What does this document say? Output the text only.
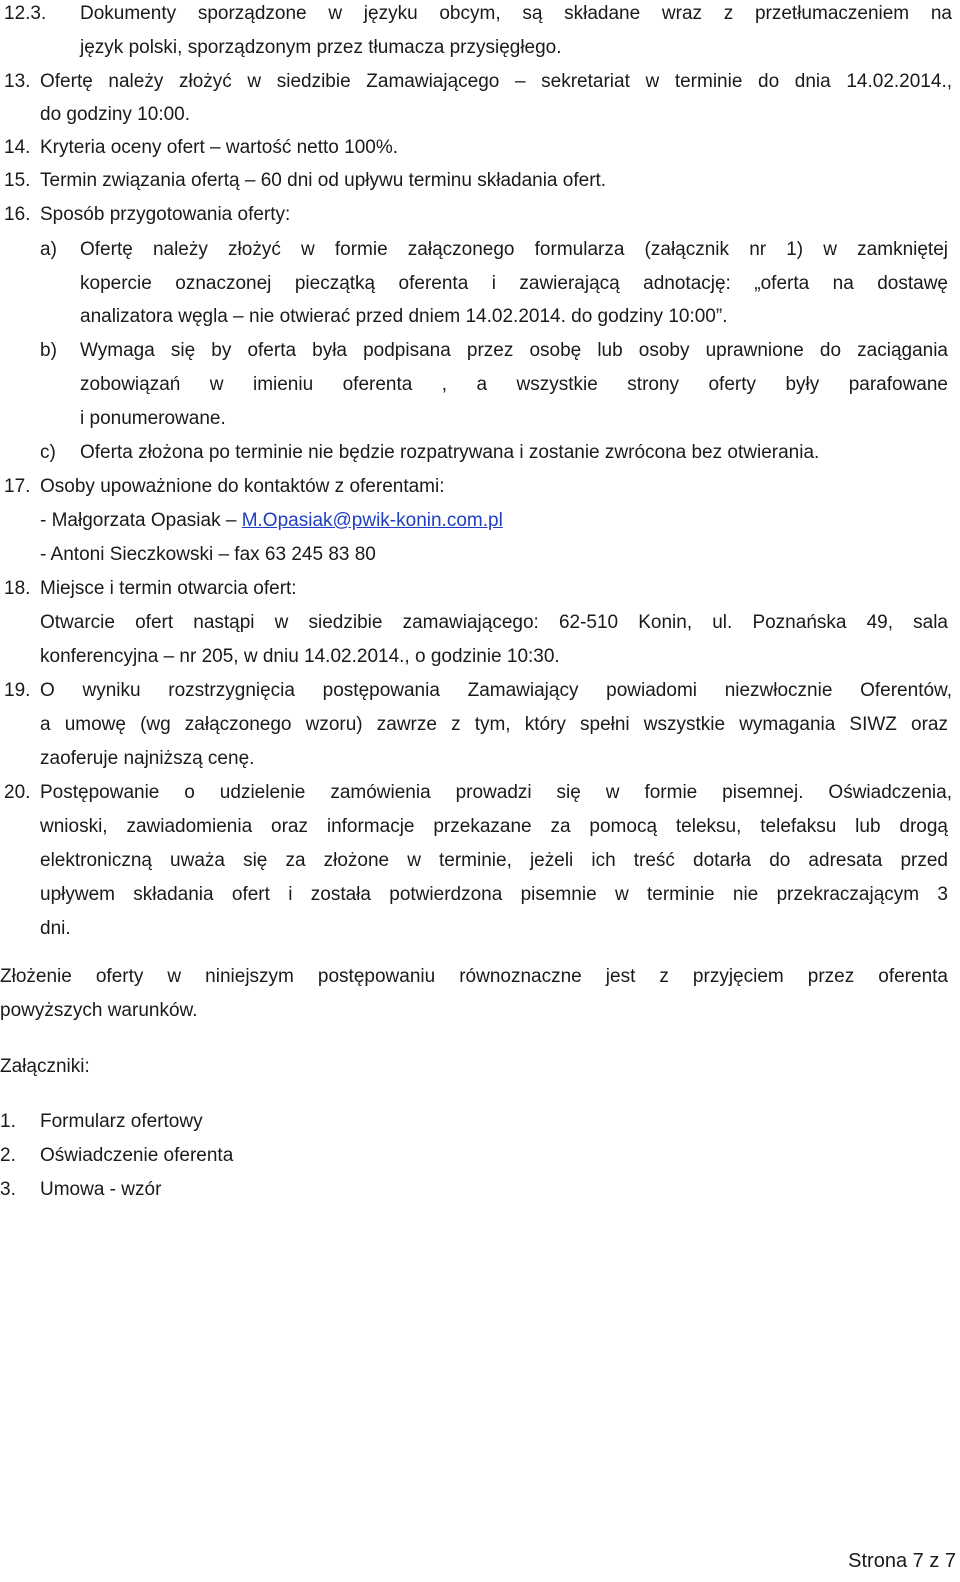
12.3. Dokumenty sporządzone w języku obcym, są składane wraz z przetłumaczeniem na
język polski, sporządzonym przez tłumacza przysięgłego.
13. Ofertę należy złożyć w siedzibie Zamawiającego – sekretariat w terminie do dnia 14.02.2014.,
do godziny 10:00.
14. Kryteria oceny ofert – wartość netto 100%.
15. Termin związania ofertą – 60 dni od upływu terminu składania ofert.
16. Sposób przygotowania oferty:
a) Ofertę należy złożyć w formie załączonego formularza (załącznik nr 1) w zamkniętej
kopercie oznaczonej pieczątką oferenta i zawierającą adnotację: „oferta na dostawę
analizatora węgla – nie otwierać przed dniem 14.02.2014. do godziny 10:00”.
b) Wymaga się by oferta była podpisana przez osobę lub osoby uprawnione do zaciągania
zobowiązań w imieniu oferenta , a wszystkie strony oferty były parafowane
i ponumerowane.
c) Oferta złożona po terminie nie będzie rozpatrywana i zostanie zwrócona bez otwierania.
17. Osoby upoważnione do kontaktów z oferentami:
- Małgorzata Opasiak – M.Opasiak@pwik-konin.com.pl
- Antoni Sieczkowski – fax 63 245 83 80
18. Miejsce i termin otwarcia ofert:
Otwarcie ofert nastąpi w siedzibie zamawiającego: 62-510 Konin, ul. Poznańska 49, sala
konferencyjna – nr 205, w dniu 14.02.2014., o godzinie 10:30.
19. O wyniku rozstrzygnięcia postępowania Zamawiający powiadomi niezwłocznie Oferentów,
a umowę (wg załączonego wzoru) zawrze z tym, który spełni wszystkie wymagania SIWZ oraz
zaoferuje najniższą cenę.
20. Postępowanie o udzielenie zamówienia prowadzi się w formie pisemnej. Oświadczenia,
wnioski, zawiadomienia oraz informacje przekazane za pomocą teleksu, telefaksu lub drogą
elektroniczną uważa się za złożone w terminie, jeżeli ich treść dotarła do adresata przed
upływem składania ofert i została potwierdzona pisemnie w terminie nie przekraczającym 3
dni.
Złożenie oferty w niniejszym postępowaniu równoznaczne jest z przyjęciem przez oferenta
powyższych warunków.
Załączniki:
1. Formularz ofertowy
2. Oświadczenie oferenta
3. Umowa - wzór
Strona 7 z 7
